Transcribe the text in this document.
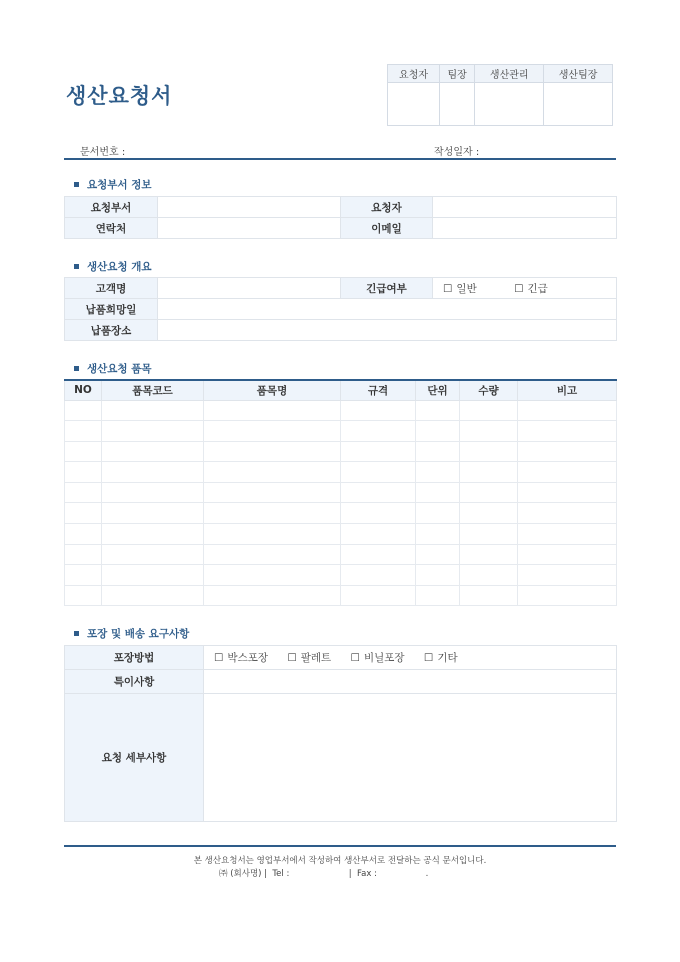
생산요청서
요청자	팀장	생산관리	생산팀장

문서번호 :	작성일자 :
요청부서 정보
요청부서		요청자	
연락처		이메일	
생산요청 개요
고객명		긴급여부	☐ 일반 ☐ 긴급
납품희망일			
납품장소			
생산요청 품목
NO	품목코드	품목명	규격	단위	수량	비고

포장 및 배송 요구사항
포장방법	☐ 박스포장 ☐ 팔레트 ☐ 비닐포장 ☐ 기타
특이사항	
요청 세부사항	
본 생산요청서는 영업부서에서 작성하여 생산부서로 전달하는 공식 문서입니다.
㈜ (회사명) |  Tel :                      |  Fax :                  .
